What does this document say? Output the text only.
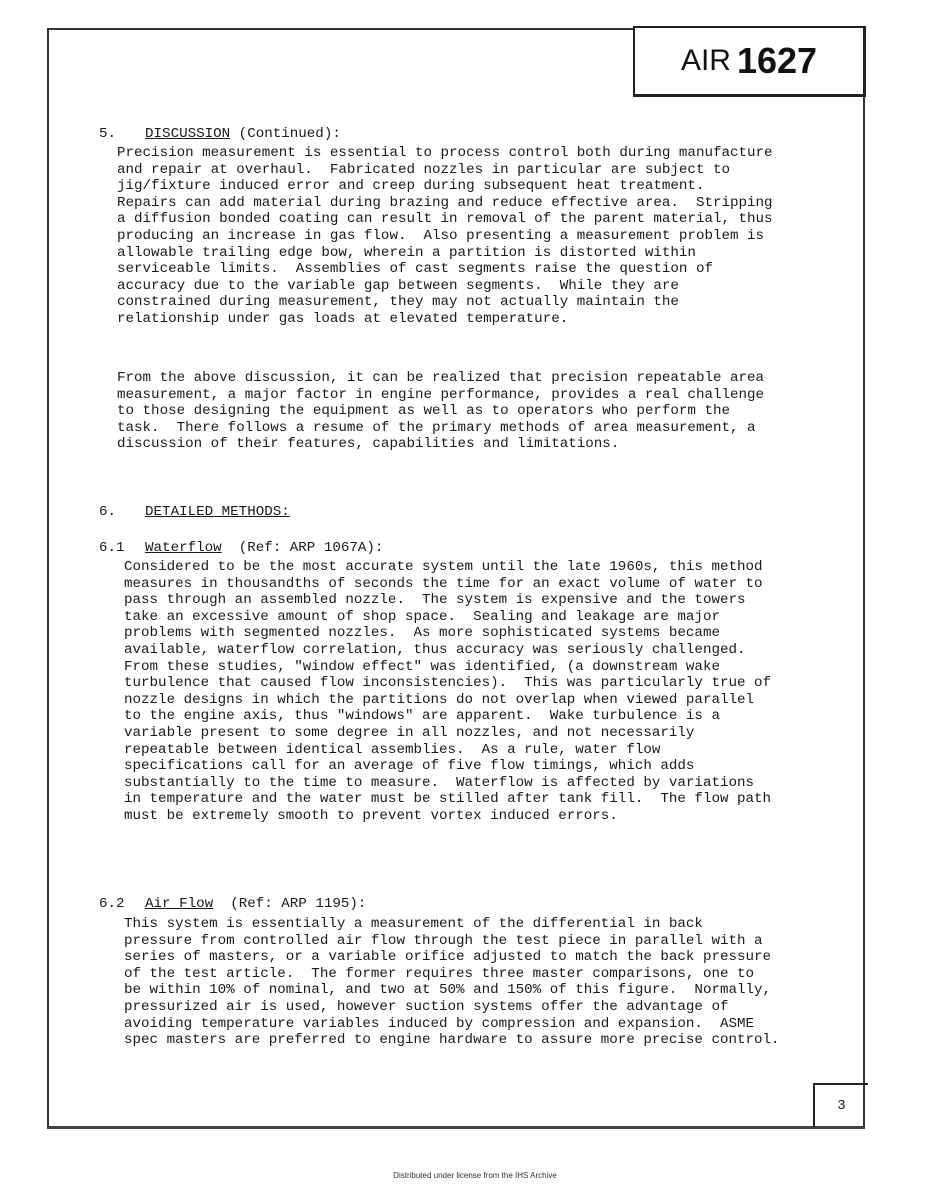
AIR 1627

5. DISCUSSION (Continued):

Precision measurement is essential to process control both during manufacture
and repair at overhaul.  Fabricated nozzles in particular are subject to
jig/fixture induced error and creep during subsequent heat treatment.
Repairs can add material during brazing and reduce effective area.  Stripping
a diffusion bonded coating can result in removal of the parent material, thus
producing an increase in gas flow.  Also presenting a measurement problem is
allowable trailing edge bow, wherein a partition is distorted within
serviceable limits.  Assemblies of cast segments raise the question of
accuracy due to the variable gap between segments.  While they are
constrained during measurement, they may not actually maintain the
relationship under gas loads at elevated temperature.
From the above discussion, it can be realized that precision repeatable area
measurement, a major factor in engine performance, provides a real challenge
to those designing the equipment as well as to operators who perform the
task.  There follows a resume of the primary methods of area measurement, a
discussion of their features, capabilities and limitations.

6. DETAILED METHODS:

6.1 Waterflow (Ref: ARP 1067A):

Considered to be the most accurate system until the late 1960s, this method
measures in thousandths of seconds the time for an exact volume of water to
pass through an assembled nozzle.  The system is expensive and the towers
take an excessive amount of shop space.  Sealing and leakage are major
problems with segmented nozzles.  As more sophisticated systems became
available, waterflow correlation, thus accuracy was seriously challenged.
From these studies, "window effect" was identified, (a downstream wake
turbulence that caused flow inconsistencies).  This was particularly true of
nozzle designs in which the partitions do not overlap when viewed parallel
to the engine axis, thus "windows" are apparent.  Wake turbulence is a
variable present to some degree in all nozzles, and not necessarily
repeatable between identical assemblies.  As a rule, water flow
specifications call for an average of five flow timings, which adds
substantially to the time to measure.  Waterflow is affected by variations
in temperature and the water must be stilled after tank fill.  The flow path
must be extremely smooth to prevent vortex induced errors.

6.2 Air Flow (Ref: ARP 1195):

This system is essentially a measurement of the differential in back
pressure from controlled air flow through the test piece in parallel with a
series of masters, or a variable orifice adjusted to match the back pressure
of the test article.  The former requires three master comparisons, one to
be within 10% of nominal, and two at 50% and 150% of this figure.  Normally,
pressurized air is used, however suction systems offer the advantage of
avoiding temperature variables induced by compression and expansion.  ASME
spec masters are preferred to engine hardware to assure more precise control.
3
Distributed under license from the IHS Archive
